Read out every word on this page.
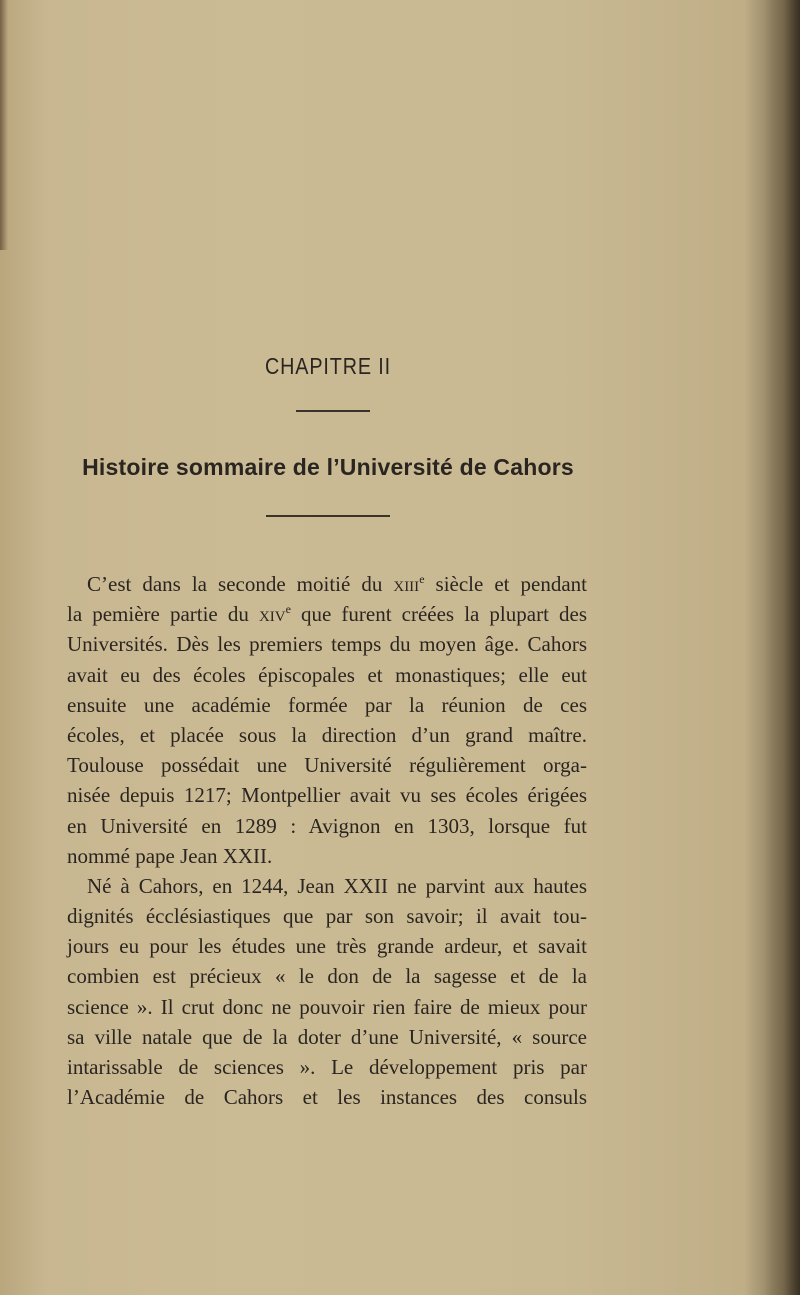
CHAPITRE II
Histoire sommaire de l’Université de Cahors
C’est dans la seconde moitié du xiii$^e$ siècle et pendant
la pemière partie du xiv$^e$ que furent créées la plupart des
Universités. Dès les premiers temps du moyen âge. Cahors
avait eu des écoles épiscopales et monastiques; elle eut
ensuite une académie formée par la réunion de ces
écoles, et placée sous la direction d’un grand maître.
Toulouse possédait une Université régulièrement orga-
nisée depuis 1217; Montpellier avait vu ses écoles érigées
en Université en 1289 : Avignon en 1303, lorsque fut
nommé pape Jean XXII.
Né à Cahors, en 1244, Jean XXII ne parvint aux hautes
dignités écclésiastiques que par son savoir; il avait tou-
jours eu pour les études une très grande ardeur, et savait
combien est précieux « le don de la sagesse et de la
science ». Il crut donc ne pouvoir rien faire de mieux pour
sa ville natale que de la doter d’une Université, « source
intarissable de sciences ». Le développement pris par
l’Académie de Cahors et les instances des consuls
